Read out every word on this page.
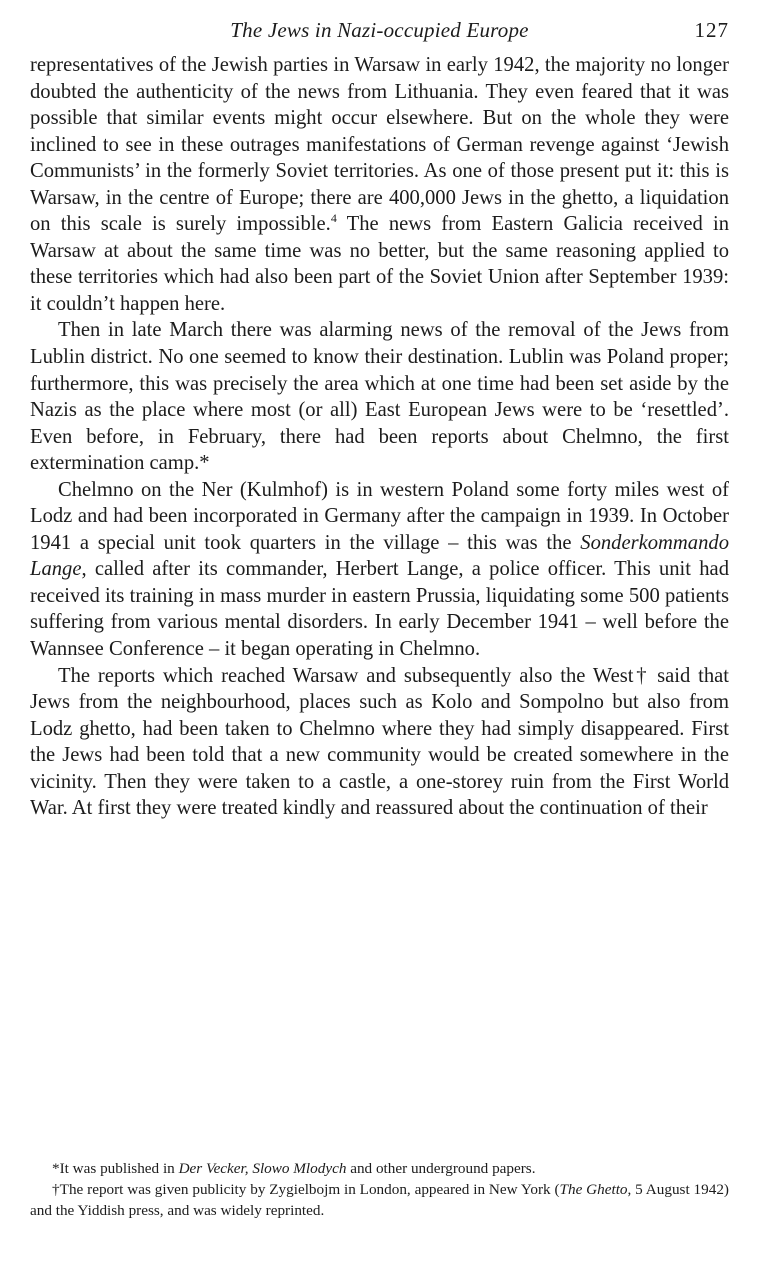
The Jews in Nazi-occupied Europe	127

representatives of the Jewish parties in Warsaw in early 1942, the majority no longer doubted the authenticity of the news from Lithuania. They even feared that it was possible that similar events might occur elsewhere. But on the whole they were inclined to see in these outrages manifestations of German revenge against ‘Jewish Communists’ in the formerly Soviet territories. As one of those present put it: this is Warsaw, in the centre of Europe; there are 400,000 Jews in the ghetto, a liquidation on this scale is surely impossible.$^4$ The news from Eastern Galicia received in Warsaw at about the same time was no better, but the same reasoning applied to these territories which had also been part of the Soviet Union after September 1939: it couldn’t happen here.

Then in late March there was alarming news of the removal of the Jews from Lublin district. No one seemed to know their destination. Lublin was Poland proper; furthermore, this was precisely the area which at one time had been set aside by the Nazis as the place where most (or all) East European Jews were to be ‘resettled’. Even before, in February, there had been reports about Chelmno, the first extermination camp.*

Chelmno on the Ner (Kulmhof) is in western Poland some forty miles west of Lodz and had been incorporated in Germany after the campaign in 1939. In October 1941 a special unit took quarters in the village – this was the Sonderkommando Lange, called after its commander, Herbert Lange, a police officer. This unit had received its training in mass murder in eastern Prussia, liquidating some 500 patients suffering from various mental disorders. In early December 1941 – well before the Wannsee Conference – it began operating in Chelmno.

The reports which reached Warsaw and subsequently also the West† said that Jews from the neighbourhood, places such as Kolo and Sompolno but also from Lodz ghetto, had been taken to Chelmno where they had simply disappeared. First the Jews had been told that a new community would be created somewhere in the vicinity. Then they were taken to a castle, a one-storey ruin from the First World War. At first they were treated kindly and reassured about the continuation of their

*It was published in Der Vecker, Slowo Mlodych and other underground papers.

†The report was given publicity by Zygielbojm in London, appeared in New York (The Ghetto, 5 August 1942) and the Yiddish press, and was widely reprinted.
